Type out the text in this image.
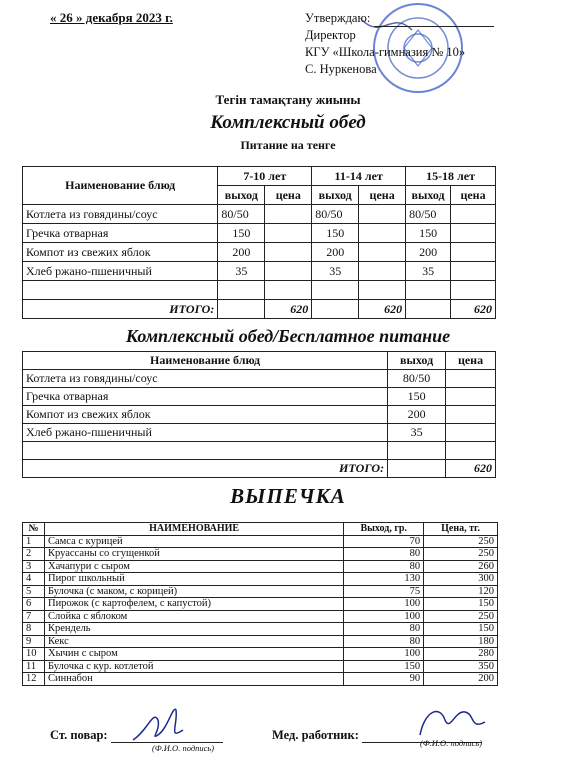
« 26 » декабря 2023 г.	Утверждаю:
Директор
КГУ «Школа-гимназия № 10»
С. Нуркенова
Тегін тамақтану жиыны
Комплексный обед
Питание на тенге
Наименование блюд	7-10 лет		11-14 лет		15-18 лет	
	выход	цена	выход	цена	выход	цена
Котлета из говядины/соус	80/50		80/50		80/50	
Гречка отварная	150		150		150	
Компот из свежих яблок	200		200		200	
Хлеб ржано-пшеничный	35		35		35	

ИТОГО:		620		620		620
Комплексный обед/Бесплатное питание
Наименование блюд	выход	цена
Котлета из говядины/соус	80/50	
Гречка отварная	150	
Компот из свежих яблок	200	
Хлеб ржано-пшеничный	35	

ИТОГО:		620
ВЫПЕЧКА
№	НАИМЕНОВАНИЕ	Выход, гр.	Цена, тг.
1	Самса с курицей	70	250
2	Круассаны со сгущенкой	80	250
3	Хачапури с сыром	80	260
4	Пирог школьный	130	300
5	Булочка (с маком, с корицей)	75	120
6	Пирожок (с картофелем, с капустой)	100	150
7	Слойка с яблоком	100	250
8	Крендель	80	150
9	Кекс	80	180
10	Хычин с сыром	100	280
11	Булочка с кур. котлетой	150	350
12	Синнабон	90	200
Ст. повар:
(Ф.И.О. подпись)
Мед. работник:
(Ф.И.О. подпись)
